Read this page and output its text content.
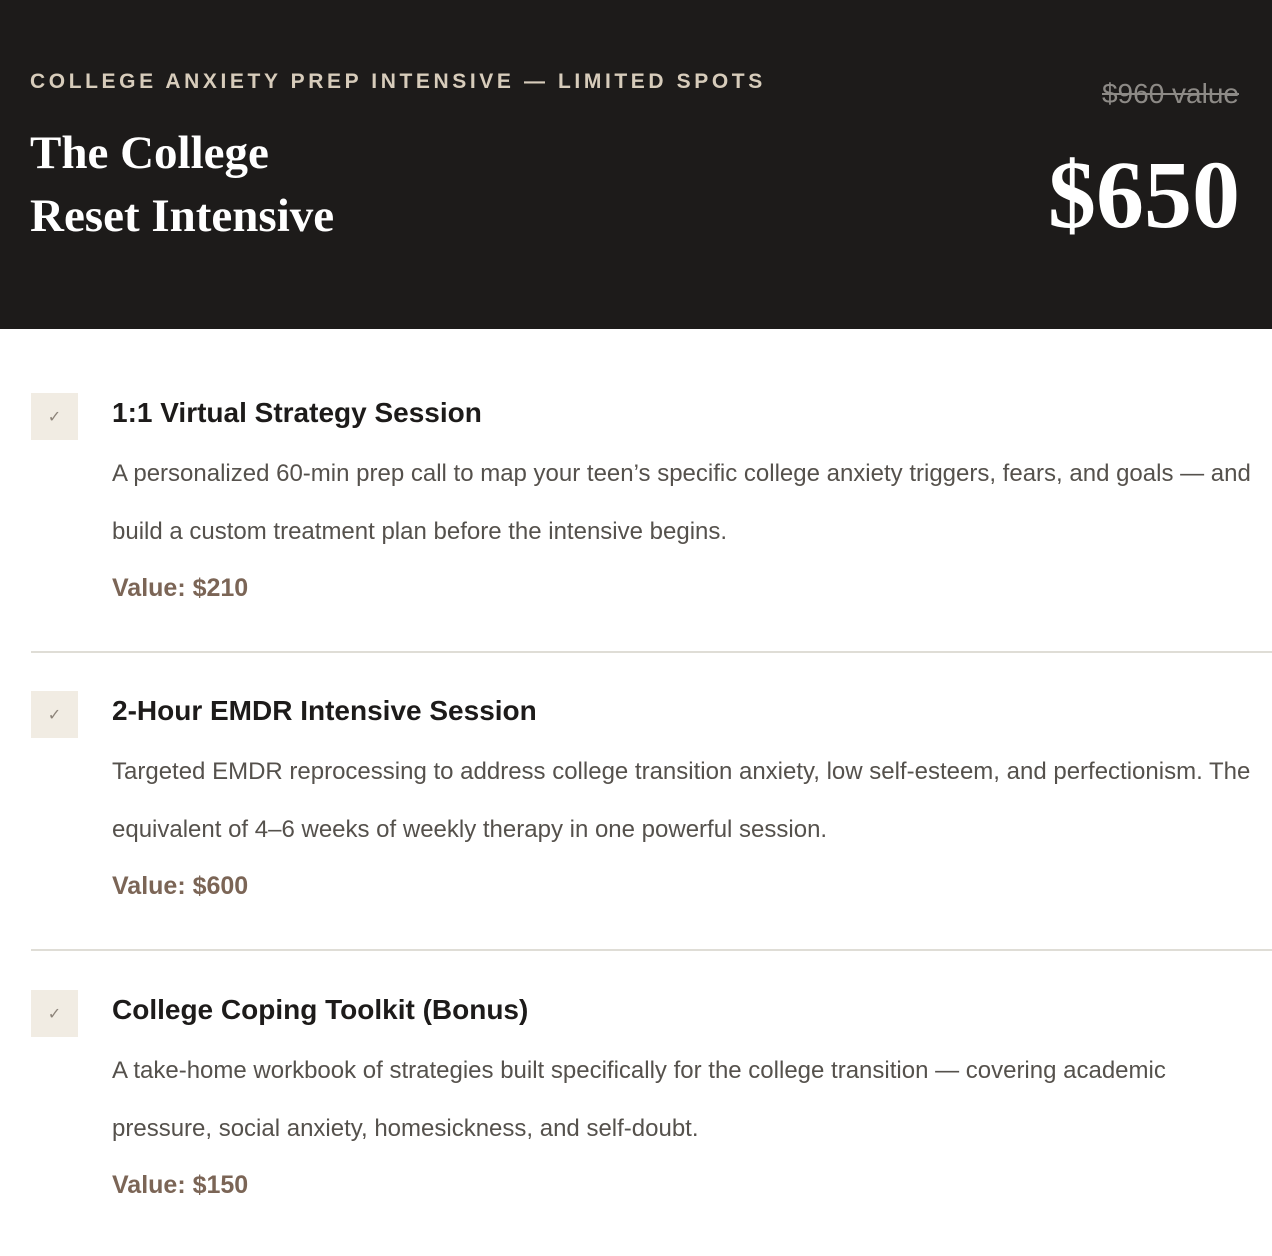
COLLEGE ANXIETY PREP INTENSIVE — LIMITED SPOTS
The College
Reset Intensive
$960 value
$650
✓	1:1 Virtual Strategy Session
A personalized 60-min prep call to map your teen’s specific college anxiety triggers, fears, and goals — and build a custom treatment plan before the intensive begins.
Value: $210
✓	2-Hour EMDR Intensive Session
Targeted EMDR reprocessing to address college transition anxiety, low self-esteem, and perfectionism. The equivalent of 4–6 weeks of weekly therapy in one powerful session.
Value: $600
✓	College Coping Toolkit (Bonus)
A take-home workbook of strategies built specifically for the college transition — covering academic pressure, social anxiety, homesickness, and self-doubt.
Value: $150
